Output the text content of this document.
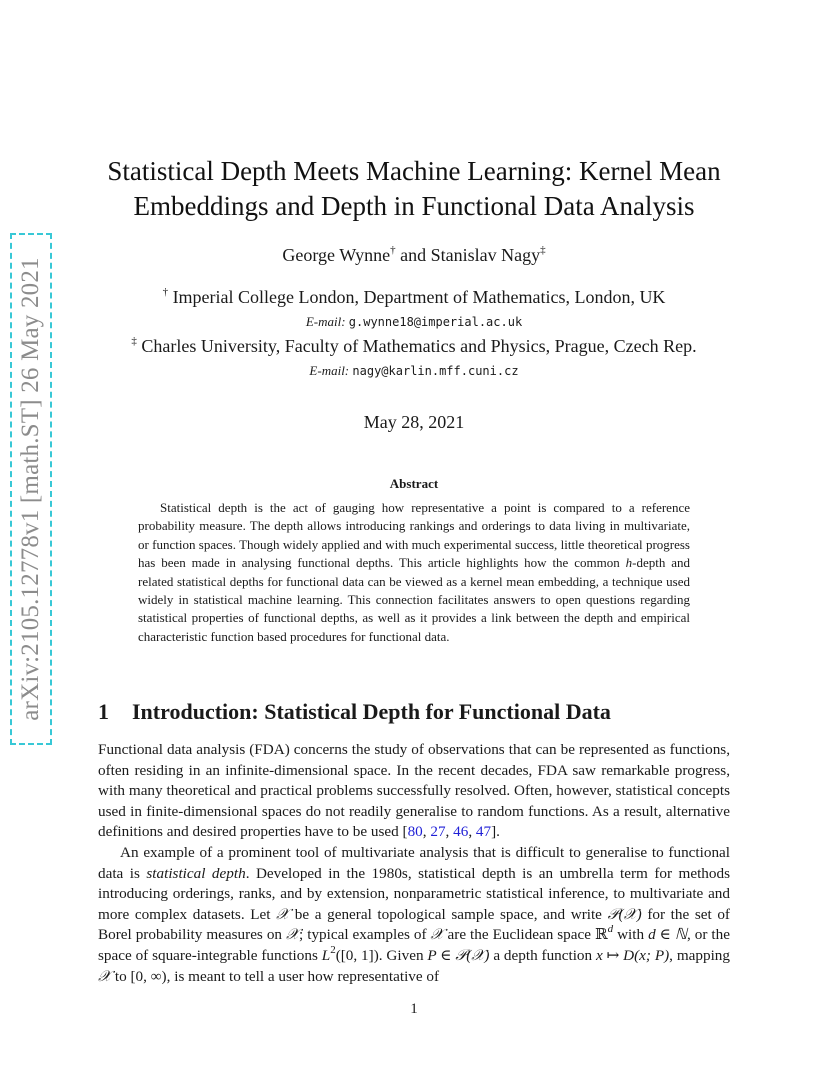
arXiv:2105.12778v1 [math.ST] 26 May 2021
Statistical Depth Meets Machine Learning: Kernel Mean Embeddings and Depth in Functional Data Analysis
George Wynne† and Stanislav Nagy‡
† Imperial College London, Department of Mathematics, London, UK
E-mail: g.wynne18@imperial.ac.uk
‡ Charles University, Faculty of Mathematics and Physics, Prague, Czech Rep.
E-mail: nagy@karlin.mff.cuni.cz
May 28, 2021
Abstract
Statistical depth is the act of gauging how representative a point is compared to a reference probability measure. The depth allows introducing rankings and orderings to data living in multivariate, or function spaces. Though widely applied and with much experimental success, little theoretical progress has been made in analysing functional depths. This article highlights how the common h-depth and related statistical depths for functional data can be viewed as a kernel mean embedding, a technique used widely in statistical machine learning. This connection facilitates answers to open questions regarding statistical properties of functional depths, as well as it provides a link between the depth and empirical characteristic function based procedures for functional data.
1 Introduction: Statistical Depth for Functional Data

Functional data analysis (FDA) concerns the study of observations that can be represented as functions, often residing in an infinite-dimensional space. In the recent decades, FDA saw remarkable progress, with many theoretical and practical problems successfully resolved. Often, however, statistical concepts used in finite-dimensional spaces do not readily generalise to random functions. As a result, alternative definitions and desired properties have to be used [80, 27, 46, 47].

An example of a prominent tool of multivariate analysis that is difficult to generalise to functional data is statistical depth. Developed in the 1980s, statistical depth is an umbrella term for methods introducing orderings, ranks, and by extension, nonparametric statistical inference, to multivariate and more complex datasets. Let 𝒳 be a general topological sample space, and write 𝒫(𝒳) for the set of Borel probability measures on 𝒳; typical examples of 𝒳 are the Euclidean space ℝ$^d$ with d ∈ ℕ, or the space of square-integrable functions $L^2([0$, 1]). Given P ∈ 𝒫(𝒳) a depth function x ↦ D(x; P), mapping 𝒳 to [0, ∞), is meant to tell a user how representative of

1
